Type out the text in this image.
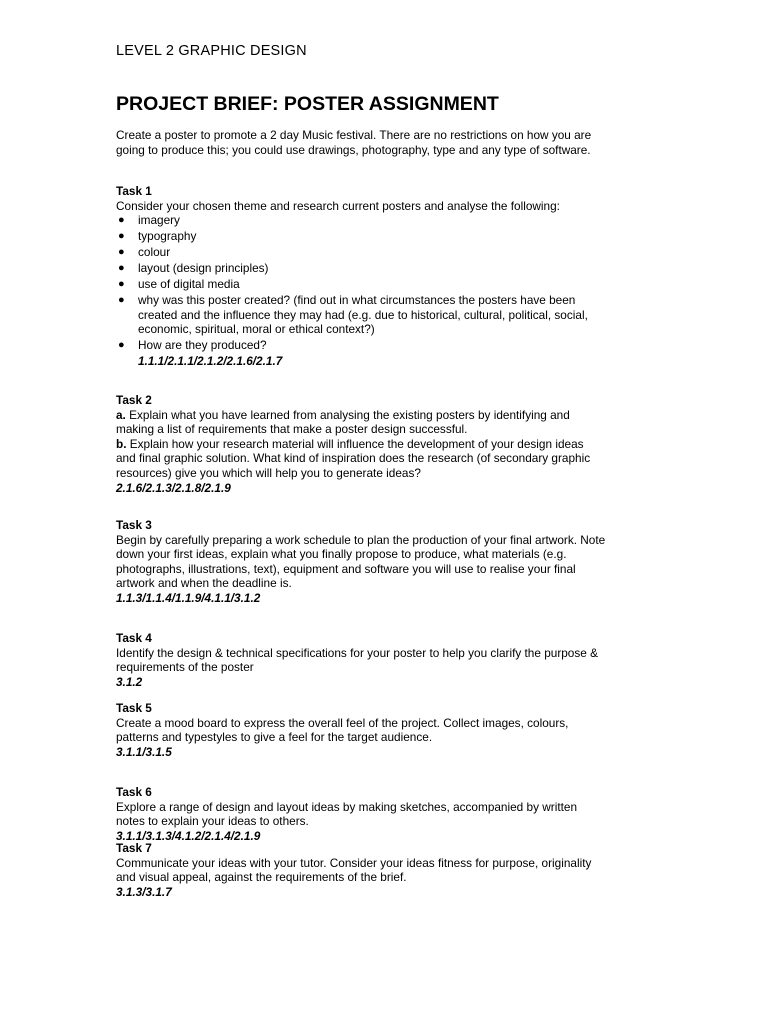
LEVEL 2 GRAPHIC DESIGN
PROJECT BRIEF: POSTER ASSIGNMENT
Create a poster to promote a 2 day Music festival. There are no restrictions on how you are
going to produce this; you could use drawings, photography, type and any type of software.
Task 1
Consider your chosen theme and research current posters and analyse the following:
● imagery
● typography
● colour
● layout (design principles)
● use of digital media
● why was this poster created? (find out in what circumstances the posters have been
created and the influence they may had (e.g. due to historical, cultural, political, social,
economic, spiritual, moral or ethical context?)
● How are they produced?
1.1.1/2.1.1/2.1.2/2.1.6/2.1.7
Task 2
a. Explain what you have learned from analysing the existing posters by identifying and
making a list of requirements that make a poster design successful.
b. Explain how your research material will influence the development of your design ideas
and final graphic solution. What kind of inspiration does the research (of secondary graphic
resources) give you which will help you to generate ideas?
2.1.6/2.1.3/2.1.8/2.1.9
Task 3
Begin by carefully preparing a work schedule to plan the production of your final artwork. Note
down your first ideas, explain what you finally propose to produce, what materials (e.g.
photographs, illustrations, text), equipment and software you will use to realise your final
artwork and when the deadline is.
1.1.3/1.1.4/1.1.9/4.1.1/3.1.2
Task 4
Identify the design & technical specifications for your poster to help you clarify the purpose &
requirements of the poster
3.1.2
Task 5
Create a mood board to express the overall feel of the project. Collect images, colours,
patterns and typestyles to give a feel for the target audience.
3.1.1/3.1.5
Task 6
Explore a range of design and layout ideas by making sketches, accompanied by written
notes to explain your ideas to others.
3.1.1/3.1.3/4.1.2/2.1.4/2.1.9
Task 7
Communicate your ideas with your tutor. Consider your ideas fitness for purpose, originality
and visual appeal, against the requirements of the brief.
3.1.3/3.1.7
